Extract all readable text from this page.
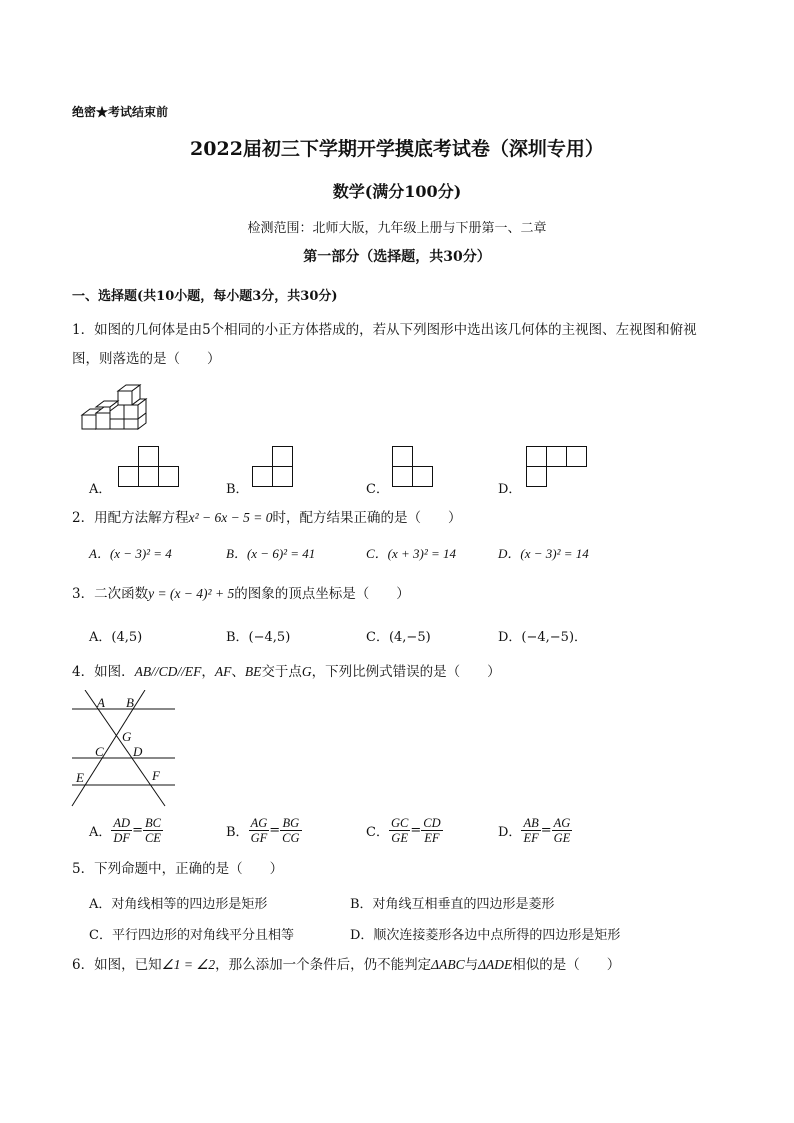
绝密★考试结束前
2022届初三下学期开学摸底考试卷（深圳专用）
数学(满分100分)
检测范围：北师大版，九年级上册与下册第一、二章
第一部分（选择题，共30分）
一、选择题(共10小题，每小题3分，共30分)
1．如图的几何体是由5个相同的小正方体搭成的，若从下列图形中选出该几何体的主视图、左视图和俯视
图，则落选的是（　　）
A．	B．	C．	D．
2．用配方法解方程x² − 6x − 5 = 0时，配方结果正确的是（　　）
A．(x − 3)² = 4	B．(x − 6)² = 41	C．(x + 3)² = 14	D．(x − 3)² = 14
3．二次函数y = (x − 4)² + 5的图象的顶点坐标是（　　）
A．(4,5)	B．(−4,5)	C．(4,−5)	D．(−4,−5)．
4．如图．AB//CD//EF，AF、BE交于点G，下列比例式错误的是（　　）
A B
G
C D
E	F
A． $\frac{AD}{DF} = \frac{BC}{CE}$	B． $\frac{AG}{GF} = \frac{BG}{CG}$	C． $\frac{GC}{GE} = \frac{CD}{EF}$	D． $\frac{AB}{EF} = \frac{AG}{GE}$
5．下列命题中，正确的是（　　）
A．对角线相等的四边形是矩形	B．对角线互相垂直的四边形是菱形
C．平行四边形的对角线平分且相等	D．顺次连接菱形各边中点所得的四边形是矩形
6．如图，已知∠1 = ∠2，那么添加一个条件后，仍不能判定ΔABC与ΔADE相似的是（　　）
